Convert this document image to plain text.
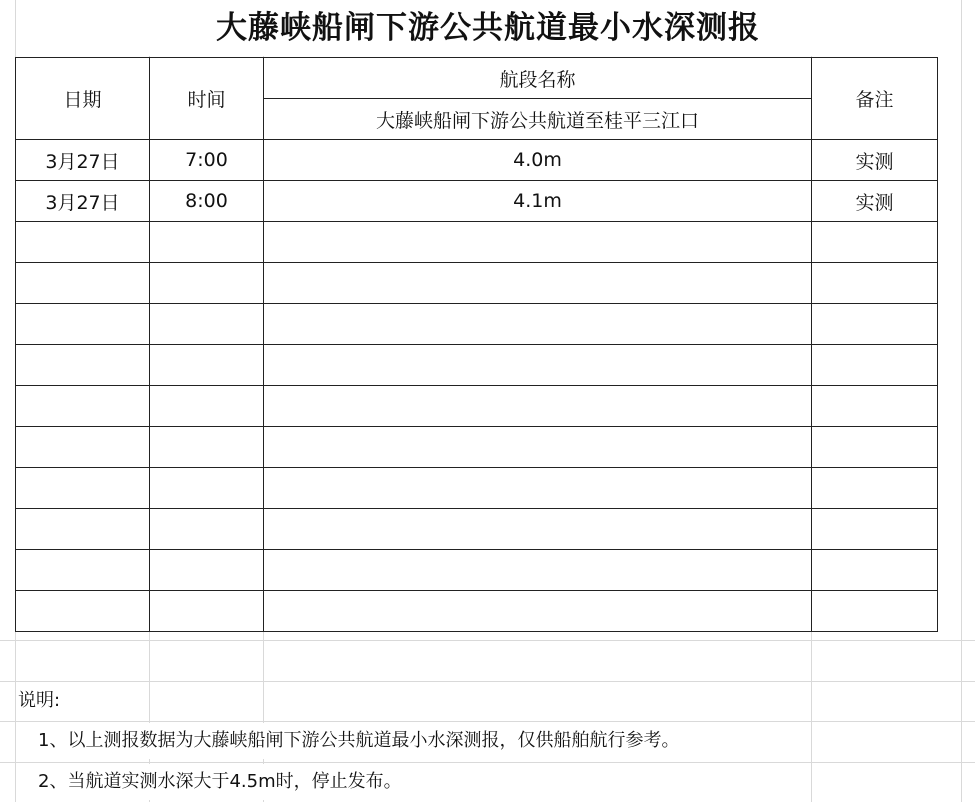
大藤峡船闸下游公共航道最小水深测报
日期	时间	航段名称	备注
		大藤峡船闸下游公共航道至桂平三江口	
3月27日	7:00	4.0m	实测
3月27日	8:00	4.1m	实测

说明:
1、以上测报数据为大藤峡船闸下游公共航道最小水深测报，仅供船舶航行参考。
2、当航道实测水深大于4.5m时，停止发布。
